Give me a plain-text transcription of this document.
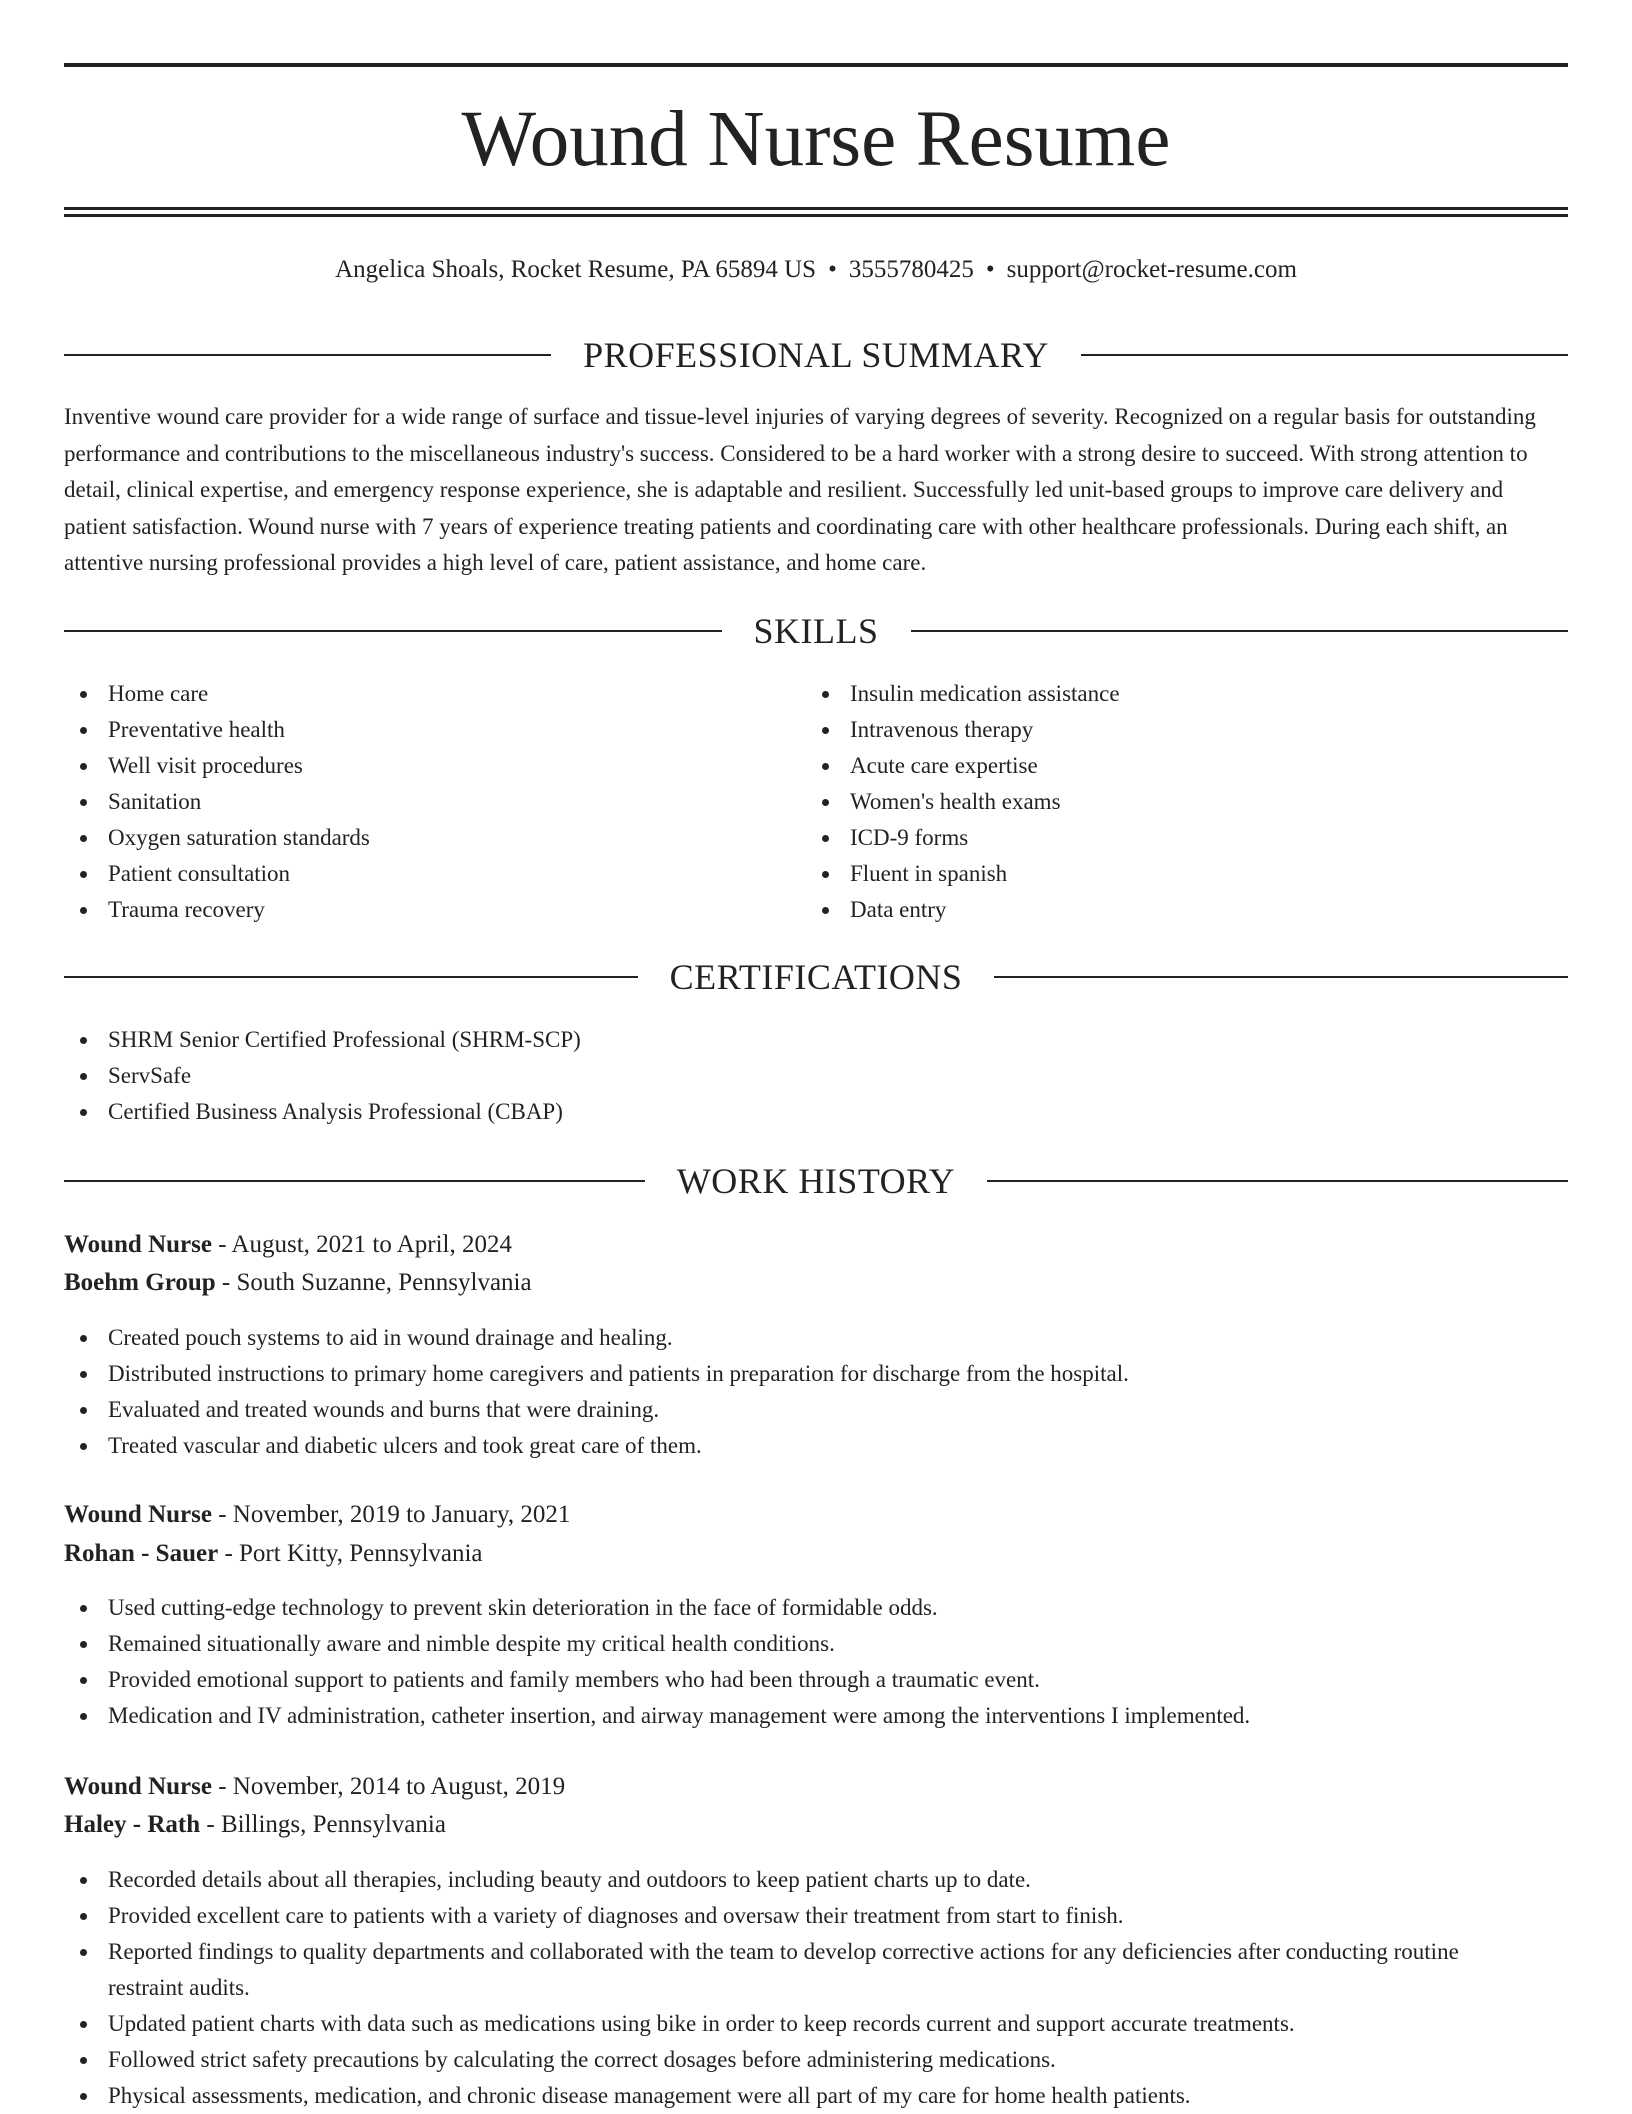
Wound Nurse Resume
Angelica Shoals, Rocket Resume, PA 65894 US • 3555780425 • support@rocket-resume.com
PROFESSIONAL SUMMARY

Inventive wound care provider for a wide range of surface and tissue-level injuries of varying degrees of severity. Recognized on a regular basis for outstanding performance and contributions to the miscellaneous industry's success. Considered to be a hard worker with a strong desire to succeed. With strong attention to detail, clinical expertise, and emergency response experience, she is adaptable and resilient. Successfully led unit-based groups to improve care delivery and patient satisfaction. Wound nurse with 7 years of experience treating patients and coordinating care with other healthcare professionals. During each shift, an attentive nursing professional provides a high level of care, patient assistance, and home care.

SKILLS
Home care
Preventative health
Well visit procedures
Sanitation
Oxygen saturation standards
Patient consultation
Trauma recovery
Insulin medication assistance
Intravenous therapy
Acute care expertise
Women's health exams
ICD-9 forms
Fluent in spanish
Data entry
CERTIFICATIONS
SHRM Senior Certified Professional (SHRM-SCP)
ServSafe
Certified Business Analysis Professional (CBAP)
WORK HISTORY
Wound Nurse - August, 2021 to April, 2024
Boehm Group - South Suzanne, Pennsylvania
Created pouch systems to aid in wound drainage and healing.
Distributed instructions to primary home caregivers and patients in preparation for discharge from the hospital.
Evaluated and treated wounds and burns that were draining.
Treated vascular and diabetic ulcers and took great care of them.
Wound Nurse - November, 2019 to January, 2021
Rohan - Sauer - Port Kitty, Pennsylvania
Used cutting-edge technology to prevent skin deterioration in the face of formidable odds.
Remained situationally aware and nimble despite my critical health conditions.
Provided emotional support to patients and family members who had been through a traumatic event.
Medication and IV administration, catheter insertion, and airway management were among the interventions I implemented.
Wound Nurse - November, 2014 to August, 2019
Haley - Rath - Billings, Pennsylvania
Recorded details about all therapies, including beauty and outdoors to keep patient charts up to date.
Provided excellent care to patients with a variety of diagnoses and oversaw their treatment from start to finish.
Reported findings to quality departments and collaborated with the team to develop corrective actions for any deficiencies after conducting routine restraint audits.
Updated patient charts with data such as medications using bike in order to keep records current and support accurate treatments.
Followed strict safety precautions by calculating the correct dosages before administering medications.
Physical assessments, medication, and chronic disease management were all part of my care for home health patients.
